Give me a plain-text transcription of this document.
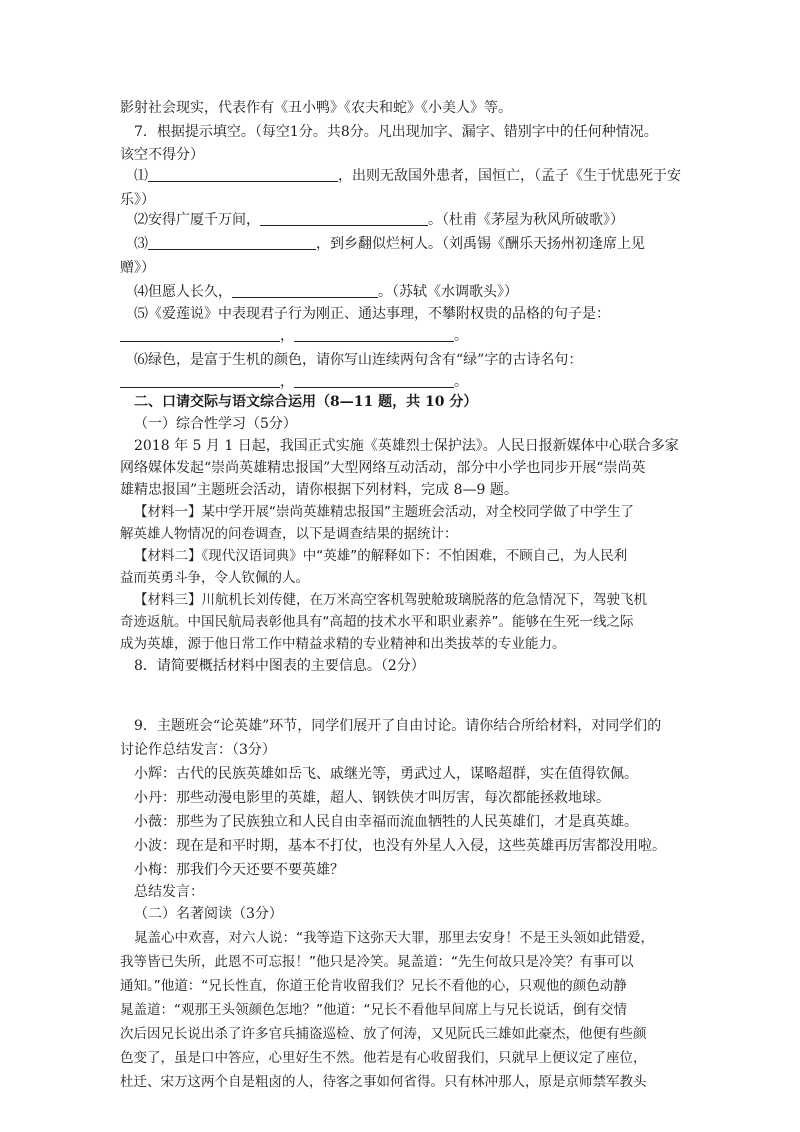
影射社会现实，代表作有《丑小鸭》《农夫和蛇》《小美人》等。
7．根据提示填空。（每空1分。共8分。凡出现加字、漏字、错别字中的任何种情况。
该空不得分）
⑴	，出则无敌国外患者，国恒亡，（孟子《生于忧患死于安
乐》）
⑵安得广厦千万间，	。（杜甫《茅屋为秋风所破歌》）
⑶	，到乡翻似烂柯人。（刘禹锡《酬乐天扬州初逢席上见
赠》）
⑷但愿人长久，	。（苏轼《水调歌头》）
⑸《爱莲说》中表现君子行为刚正、通达事理，不攀附权贵的品格的句子是：
，	。
⑹绿色，是富于生机的颜色，请你写山连续两句含有“绿”字的古诗名句：
，	。
二、口请交际与语文综合运用（8—11 题，共 10 分）
（一）综合性学习（5分）
2018 年 5 月 1 日起，我国正式实施《英雄烈士保护法》。人民日报新媒体中心联合多家
网络媒体发起“崇尚英雄精忠报国”大型网络互动活动，部分中小学也同步开展“崇尚英
雄精忠报国”主题班会活动，请你根据下列材料，完成 8—9 题。
【材料一】某中学开展“崇尚英雄精忠报国”主题班会活动，对全校同学做了中学生了
解英雄人物情况的问卷调查，以下是调查结果的据统计：
【材料二】《现代汉语词典》中“英雄”的解释如下：不怕困难，不顾自己，为人民利
益而英勇斗争，令人钦佩的人。
【材料三】川航机长刘传健，在万米高空客机驾驶舱玻璃脱落的危急情况下，驾驶飞机
奇迹返航。中国民航局表彰他具有“高超的技术水平和职业素养”。能够在生死一线之际
成为英雄，源于他日常工作中精益求精的专业精神和出类拔萃的专业能力。
8．请简要概括材料中图表的主要信息。（2分）
9．主题班会“论英雄”环节，同学们展开了自由讨论。请你结合所给材料，对同学们的
讨论作总结发言：（3分）
小辉：古代的民族英雄如岳飞、戚继光等，勇武过人，谋略超群，实在值得钦佩。
小丹：那些动漫电影里的英雄，超人、钢铁侠才叫厉害，每次都能拯救地球。
小薇：那些为了民族独立和人民自由幸福而流血牺牲的人民英雄们，才是真英雄。
小波：现在是和平时期，基本不打仗，也没有外星人入侵，这些英雄再厉害都没用啦。
小梅：那我们今天还要不要英雄？
总结发言：
（二）名著阅读（3分）
晁盖心中欢喜，对六人说：“我等造下这弥天大罪，那里去安身！不是王头领如此错爱，
我等皆已失所，此恩不可忘报！”他只是冷笑。晁盖道：“先生何故只是冷笑？有事可以
通知。”他道：“兄长性直，你道王伦肯收留我们？兄长不看他的心，只观他的颜色动静
晁盖道：“观那王头领颜色怎地？”他道：“兄长不看他早间席上与兄长说话，倒有交情
次后因兄长说出杀了许多官兵捕盗巡检、放了何涛，又见阮氏三雄如此豪杰，他便有些颜
色变了，虽是口中答应，心里好生不然。他若是有心收留我们，只就早上便议定了座位，
杜迁、宋万这两个自是粗卤的人，待客之事如何省得。只有林冲那人，原是京师禁军教头
